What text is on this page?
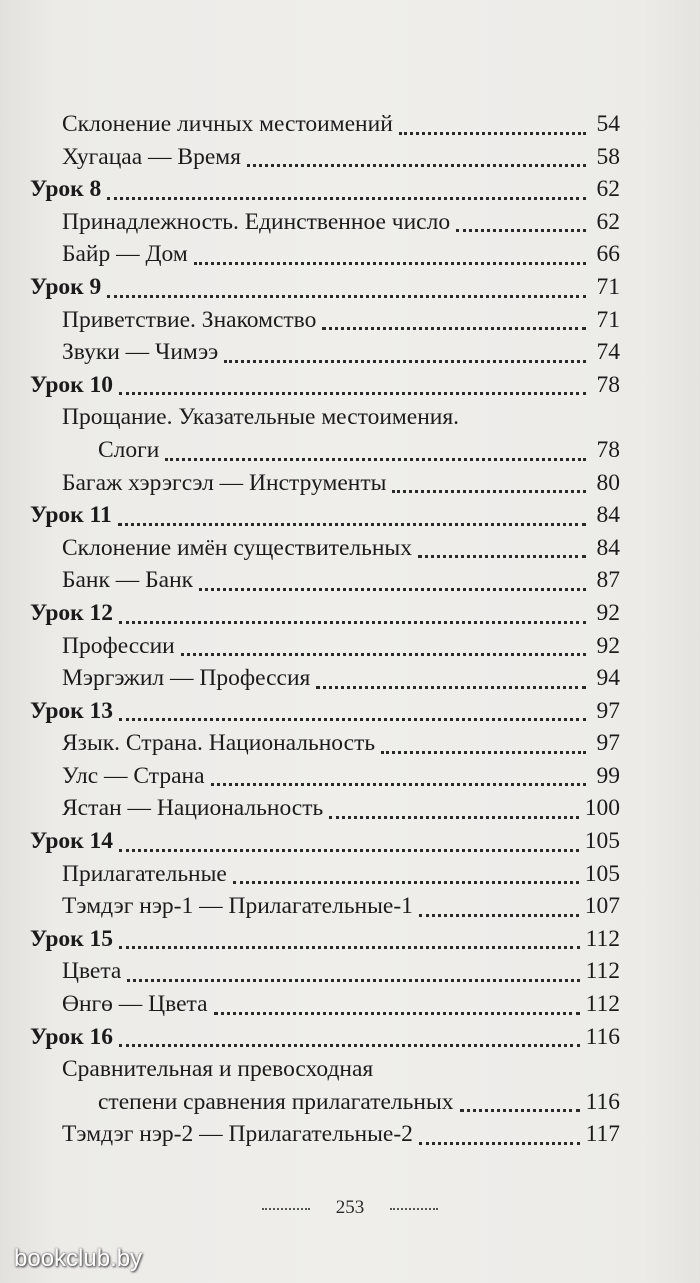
Склонение личных местоимений	54
Хугацаа — Время	58
Урок 8	62
Принадлежность. Единственное число	62
Байр — Дом	66
Урок 9	71
Приветствие. Знакомство	71
Звуки — Чимээ	74
Урок 10	78
Прощание. Указательные местоимения.
Слоги	78
Багаж хэрэгсэл — Инструменты	80
Урок 11	84
Склонение имён существительных	84
Банк — Банк	87
Урок 12	92
Профессии	92
Мэргэжил — Профессия	94
Урок 13	97
Язык. Страна. Национальность	97
Улс — Страна	99
Ястан — Национальность	100
Урок 14	105
Прилагательные	105
Тэмдэг нэр-1 — Прилагательные-1	107
Урок 15	112
Цвета	112
Өнгө — Цвета	112
Урок 16	116
Сравнительная и превосходная
степени сравнения прилагательных	116
Тэмдэг нэр-2 — Прилагательные-2	117
253
bookclub.by
